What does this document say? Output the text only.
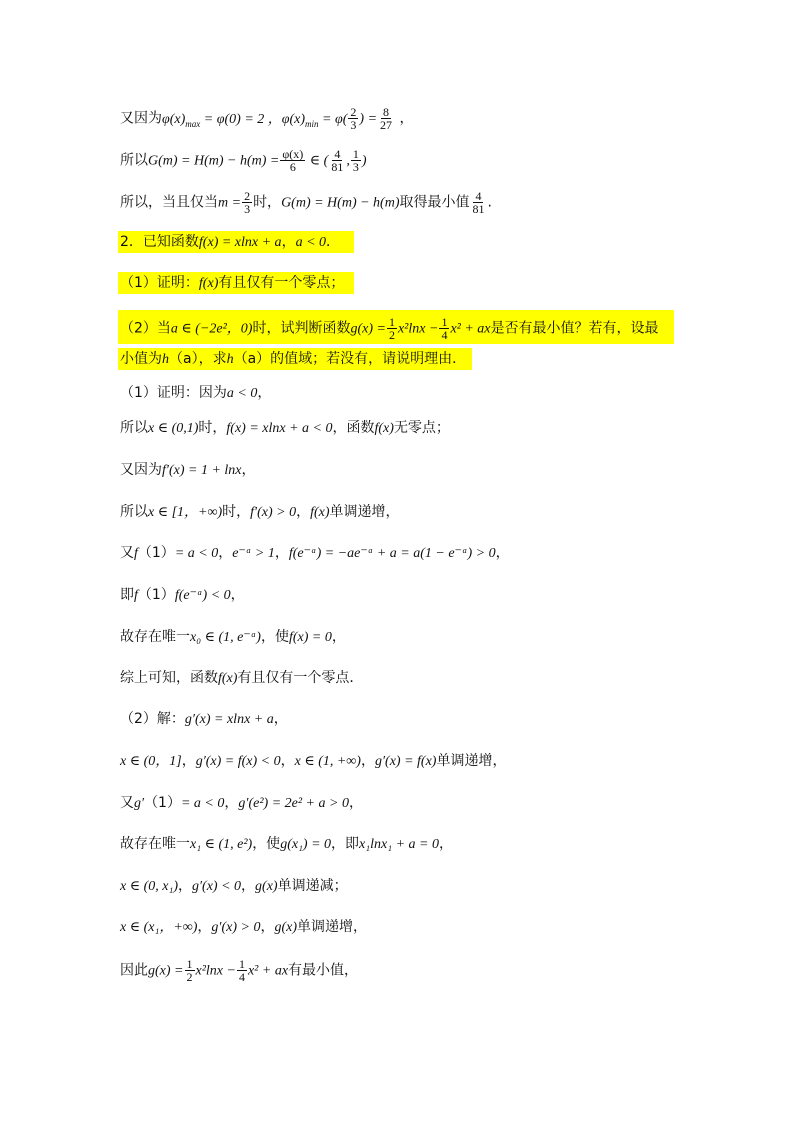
又因为$\varphi(x)_{max} = \varphi(0) = 2$ ，$\varphi(x)_{min} = \varphi( \frac{2}{3}$ ) = $\frac{8}{27}$ ，
所以$G(m) = H(m) - h(m) = \frac{\varphi(x)}{6}$ ∈ ( $\frac{4}{81}$ , $\frac{1}{3}$ )
所以，当且仅当$m = \frac{2}{3}$ 时，G(m) = H(m) − h(m)取得最小值 $\frac{4}{81}$ .
2．已知函数f(x) = xlnx + a，a < 0．
（1）证明：f(x)有且仅有一个零点；
（2）当a ∈ (−2e²，0)时，试判断函数$g(x) = \frac{1}{2} x^2\ln x - \frac{1}{4} x^2$ + ax是否有最小值？若有，设最
小值为h（a），求h（a）的值域；若没有，请说明理由．
（1）证明：因为a < 0，
所以x ∈ (0,1)时，f(x) = xlnx + a < 0，函数f(x)无零点；
又因为f′(x) = 1 + lnx，
所以x ∈ [1，+∞)时，f′(x) > 0，f(x)单调递增，
又f（1）= a < 0，e⁻ᵃ > 1，f(e⁻ᵃ) = −ae⁻ᵃ + a = a(1 − e⁻ᵃ) > 0，
即f（1）f(e⁻ᵃ) < 0，
故存在唯一x₀ ∈ (1, e⁻ᵃ)，使f(x) = 0，
综上可知，函数f(x)有且仅有一个零点．
（2）解：g′(x) = xlnx + a，
x ∈ (0，1]，g′(x) = f(x) < 0，x ∈ (1, +∞)，g′(x) = f(x)单调递增，
又g′（1）= a < 0，g′(e²) = 2e² + a > 0，
故存在唯一x₁ ∈ (1, e²)，使g(x₁) = 0，即x₁lnx₁ + a = 0，
x ∈ (0, x₁)，g′(x) < 0，g(x)单调递减；
x ∈ (x₁，+∞)，g′(x) > 0，g(x)单调递增，
因此$g(x) = \frac{1}{2} x^2\ln x - \frac{1}{4} x^2$ + ax有最小值，
